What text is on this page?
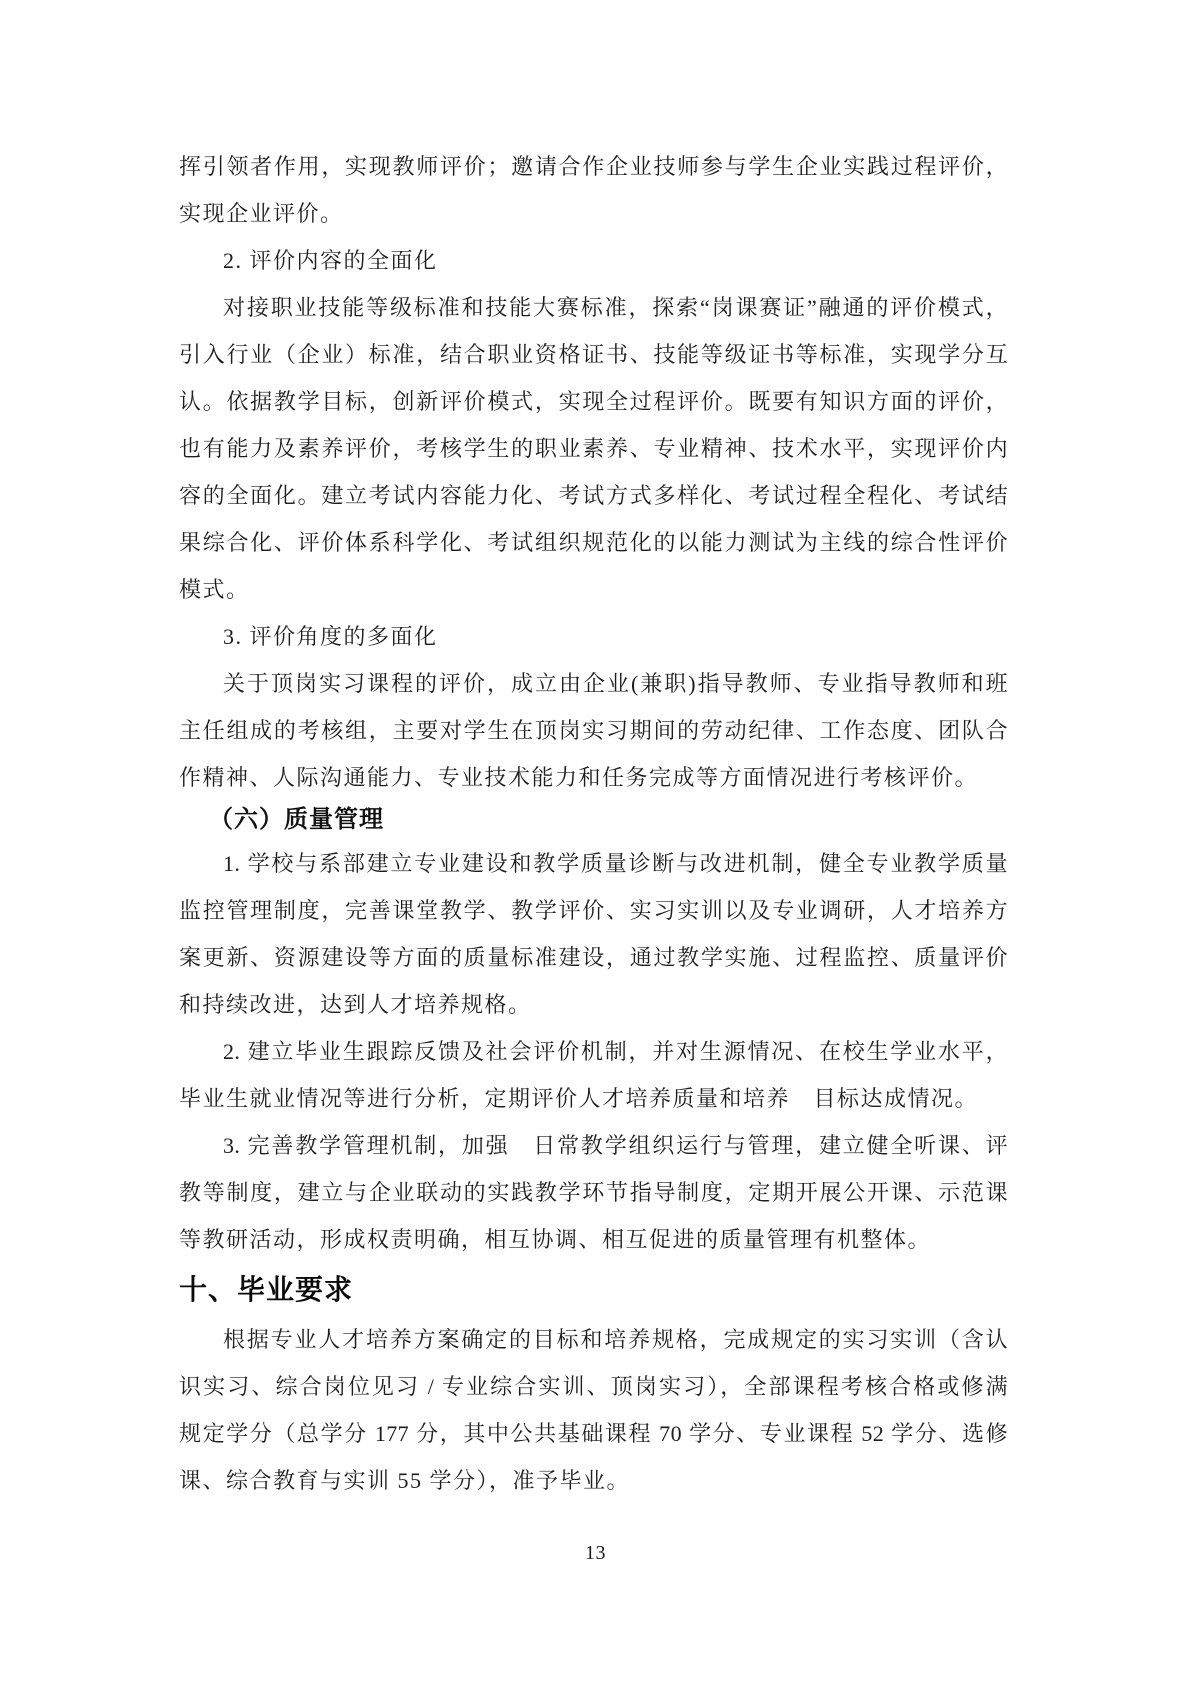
挥引领者作用，实现教师评价；邀请合作企业技师参与学生企业实践过程评价，
实现企业评价。
2. 评价内容的全面化
对接职业技能等级标准和技能大赛标准，探索“岗课赛证”融通的评价模式，
引入行业（企业）标准，结合职业资格证书、技能等级证书等标准，实现学分互
认。依据教学目标，创新评价模式，实现全过程评价。既要有知识方面的评价，
也有能力及素养评价，考核学生的职业素养、专业精神、技术水平，实现评价内
容的全面化。建立考试内容能力化、考试方式多样化、考试过程全程化、考试结
果综合化、评价体系科学化、考试组织规范化的以能力测试为主线的综合性评价
模式。
3. 评价角度的多面化
关于顶岗实习课程的评价，成立由企业(兼职)指导教师、专业指导教师和班
主任组成的考核组，主要对学生在顶岗实习期间的劳动纪律、工作态度、团队合
作精神、人际沟通能力、专业技术能力和任务完成等方面情况进行考核评价。
（六）质量管理
1. 学校与系部建立专业建设和教学质量诊断与改进机制，健全专业教学质量
监控管理制度，完善课堂教学、教学评价、实习实训以及专业调研，人才培养方
案更新、资源建设等方面的质量标准建设，通过教学实施、过程监控、质量评价
和持续改进，达到人才培养规格。
2. 建立毕业生跟踪反馈及社会评价机制，并对生源情况、在校生学业水平，
毕业生就业情况等进行分析，定期评价人才培养质量和培养　目标达成情况。
3. 完善教学管理机制，加强　日常教学组织运行与管理，建立健全听课、评
教等制度，建立与企业联动的实践教学环节指导制度，定期开展公开课、示范课
等教研活动，形成权责明确，相互协调、相互促进的质量管理有机整体。
十、毕业要求
根据专业人才培养方案确定的目标和培养规格，完成规定的实习实训（含认
识实习、综合岗位见习 / 专业综合实训、顶岗实习），全部课程考核合格或修满
规定学分（总学分 177 分，其中公共基础课程 70 学分、专业课程 52 学分、选修
课、综合教育与实训 55 学分），准予毕业。
13
